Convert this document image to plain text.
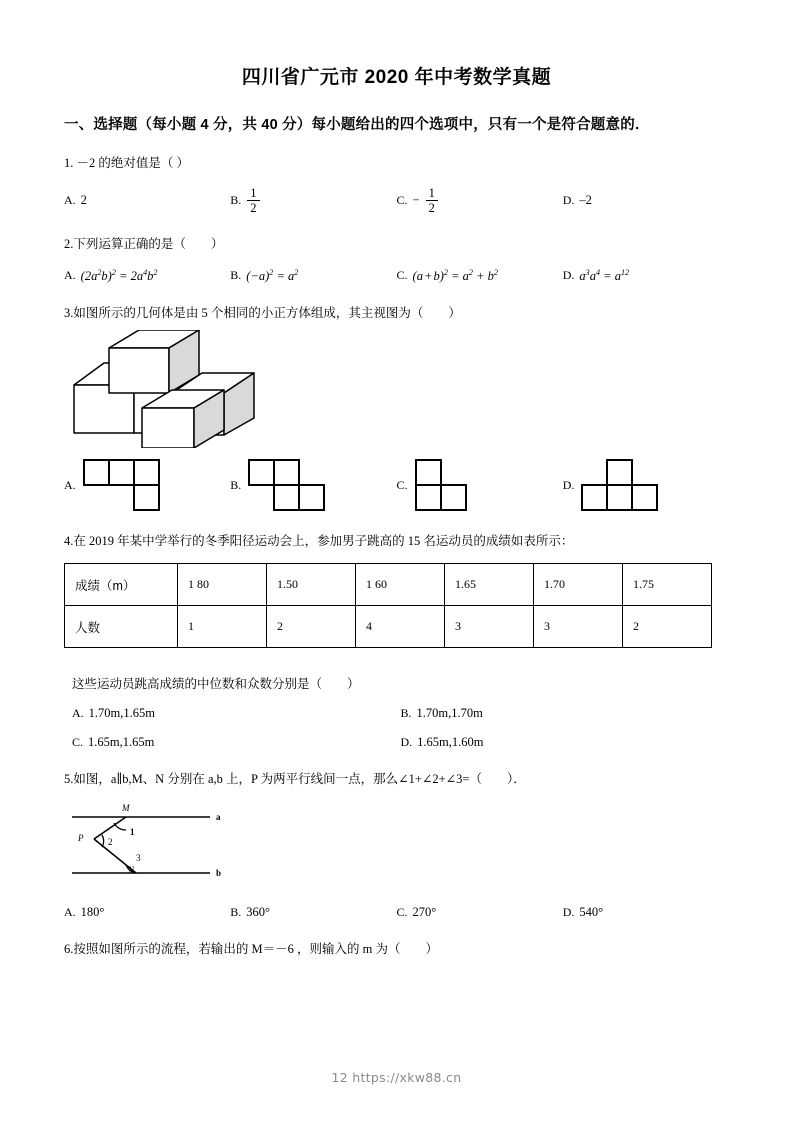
四川省广元市 2020 年中考数学真题
一、选择题（每小题 4 分，共 40 分）每小题给出的四个选项中，只有一个是符合题意的．
1. －2 的绝对值是（ ）
A. 2	B. $\frac{1}{2}$	C. − $\frac{1}{2}$	D. –2
2.下列运算正确的是（　　）
A. $(2a^2b)^2 = 2a^4b^2$	B. $(-a)^2 = a^2$	C. (a + $b)^2 = a^2 + b^2$	D. $a^3a^4 = a^{12}$
3.如图所示的几何体是由 5 个相同的小正方体组成，其主视图为（　　）
A.	B.	C.	D.
4.在 2019 年某中学举行的冬季阳径运动会上，参加男子跳高的 15 名运动员的成绩如表所示：
成绩（m）	1 80	1.50	1 60	1.65	1.70	1.75
人数	1	2	4	3	3	2
这些运动员跳高成绩的中位数和众数分别是（　　）
A. 1.70m,1.65m	B. 1.70m,1.70m
C. 1.65m,1.65m	D. 1.65m,1.60m
5.如图，a∥b,M、N 分别在 a,b 上，P 为两平行线间一点，那么∠1+∠2+∠3=（　　）．
M
N
P
1
2
3
a
b
A. 180°	B. 360°	C. 270°	D. 540°
6.按照如图所示的流程，若输出的 M＝－6 ，则输入的 m 为（　　）
12 https://xkw88.cn
